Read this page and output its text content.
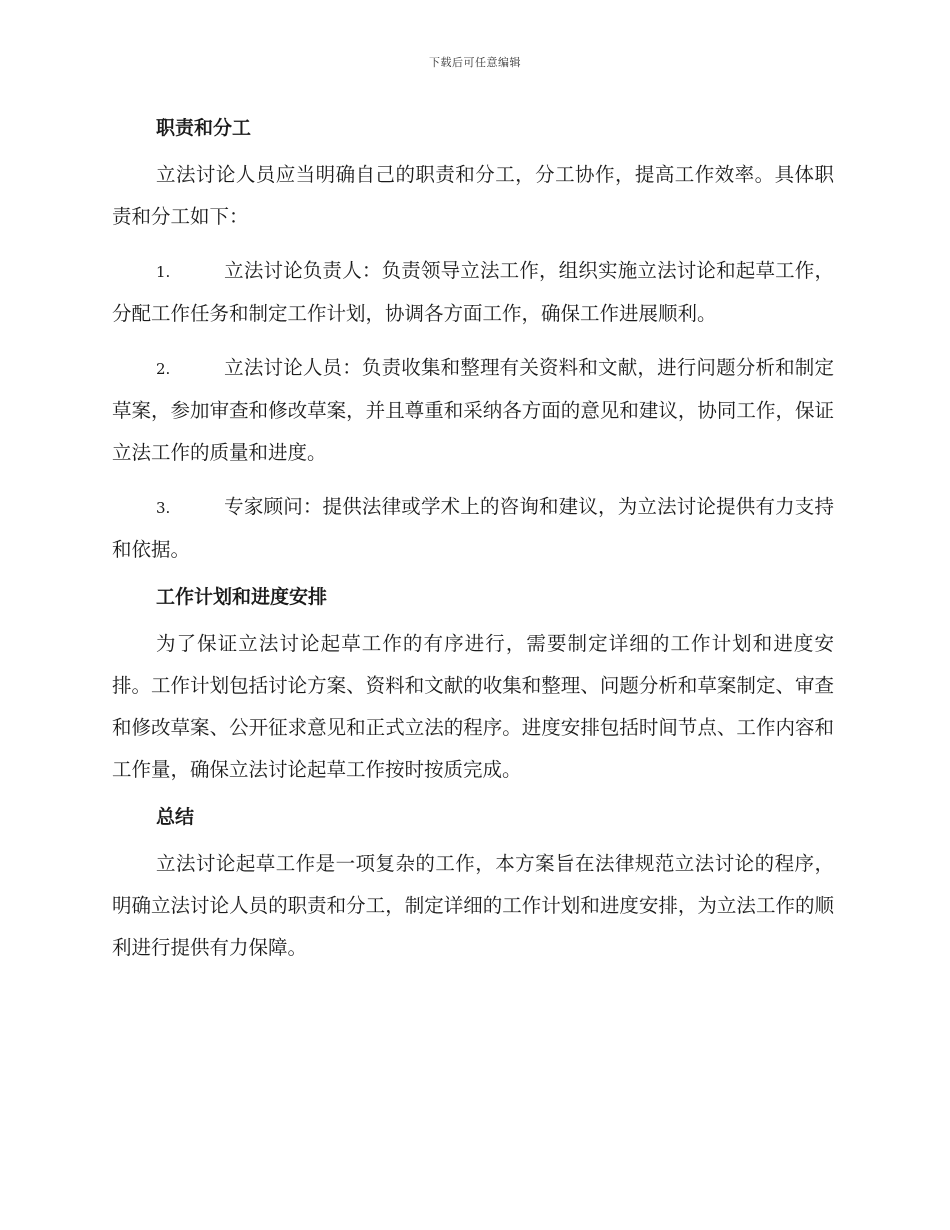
下载后可任意编辑
职责和分工

立法讨论人员应当明确自己的职责和分工，分工协作，提高工作效率。具体职责和分工如下：

1.	立法讨论负责人：负责领导立法工作，组织实施立法讨论和起草工作，分配工作任务和制定工作计划，协调各方面工作，确保工作进展顺利。

2.	立法讨论人员：负责收集和整理有关资料和文献，进行问题分析和制定草案，参加审查和修改草案，并且尊重和采纳各方面的意见和建议，协同工作，保证立法工作的质量和进度。

3.	专家顾问：提供法律或学术上的咨询和建议，为立法讨论提供有力支持和依据。

工作计划和进度安排

为了保证立法讨论起草工作的有序进行，需要制定详细的工作计划和进度安排。工作计划包括讨论方案、资料和文献的收集和整理、问题分析和草案制定、审查和修改草案、公开征求意见和正式立法的程序。进度安排包括时间节点、工作内容和工作量，确保立法讨论起草工作按时按质完成。

总结

立法讨论起草工作是一项复杂的工作，本方案旨在法律规范立法讨论的程序，明确立法讨论人员的职责和分工，制定详细的工作计划和进度安排，为立法工作的顺利进行提供有力保障。
